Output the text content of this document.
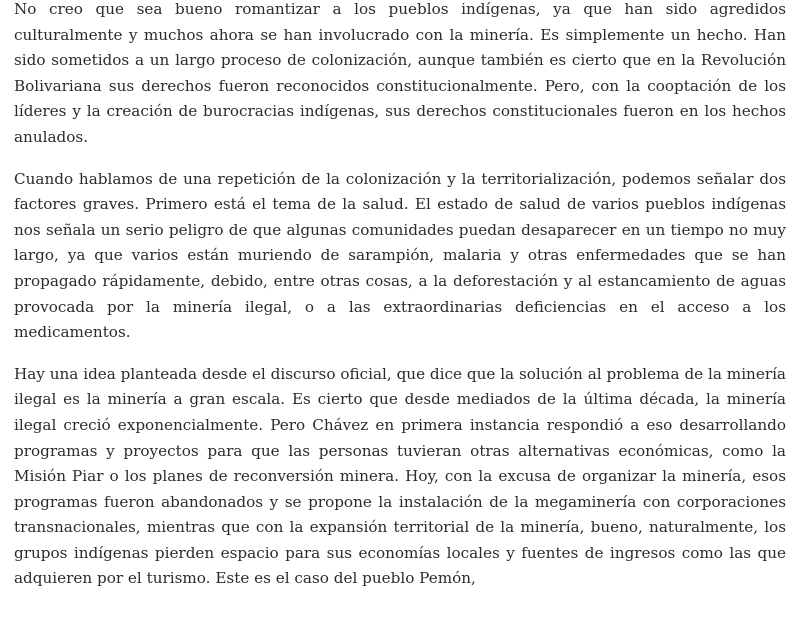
No creo que sea bueno romantizar a los pueblos indígenas, ya que han sido agredidos culturalmente y muchos ahora se han involucrado con la minería. Es simplemente un hecho. Han sido sometidos a un largo proceso de colonización, aunque también es cierto que en la Revolución Bolivariana sus derechos fueron reconocidos constitucionalmente. Pero, con la cooptación de los líderes y la creación de burocracias indígenas, sus derechos constitucionales fueron en los hechos anulados.

Cuando hablamos de una repetición de la colonización y la territorialización, podemos señalar dos factores graves. Primero está el tema de la salud. El estado de salud de varios pueblos indígenas nos señala un serio peligro de que algunas comunidades puedan desaparecer en un tiempo no muy largo, ya que varios están muriendo de sarampión, malaria y otras enfermedades que se han propagado rápidamente, debido, entre otras cosas, a la deforestación y al estancamiento de aguas provocada por la minería ilegal, o a las extraordinarias deficiencias en el acceso a los medicamentos.

Hay una idea planteada desde el discurso oficial, que dice que la solución al problema de la minería ilegal es la minería a gran escala. Es cierto que desde mediados de la última década, la minería ilegal creció exponencialmente. Pero Chávez en primera instancia respondió a eso desarrollando programas y proyectos para que las personas tuvieran otras alternativas económicas, como la Misión Piar o los planes de reconversión minera. Hoy, con la excusa de organizar la minería, esos programas fueron abandonados y se propone la instalación de la megaminería con corporaciones transnacionales, mientras que con la expansión territorial de la minería, bueno, naturalmente, los grupos indígenas pierden espacio para sus economías locales y fuentes de ingresos como las que adquieren por el turismo. Este es el caso del pueblo Pemón,
